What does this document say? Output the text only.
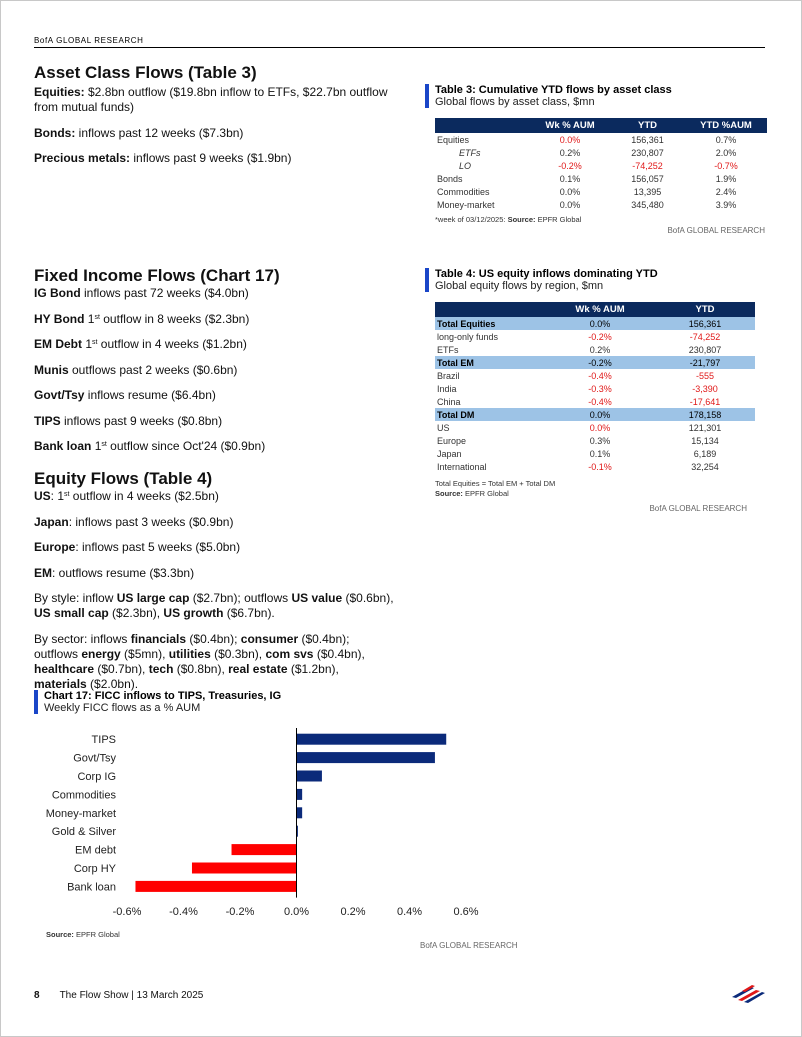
BofA GLOBAL RESEARCH
Asset Class Flows (Table 3)
Equities: $2.8bn outflow ($19.8bn inflow to ETFs, $22.7bn outflow from mutual funds)
Bonds: inflows past 12 weeks ($7.3bn)
Precious metals: inflows past 9 weeks ($1.9bn)
Table 3: Cumulative YTD flows by asset class
Global flows by asset class, $mn
	Wk % AUM	YTD	YTD %AUM
Equities	0.0%	156,361	0.7%
ETFs	0.2%	230,807	2.0%
LO	-0.2%	-74,252	-0.7%
Bonds	0.1%	156,057	1.9%
Commodities	0.0%	13,395	2.4%
Money-market	0.0%	345,480	3.9%
*week of 03/12/2025: Source: EPFR Global
BofA GLOBAL RESEARCH
Fixed Income Flows (Chart 17)
IG Bond inflows past 72 weeks ($4.0bn)
HY Bond 1st outflow in 8 weeks ($2.3bn)
EM Debt 1st outflow in 4 weeks ($1.2bn)
Munis outflows past 2 weeks ($0.6bn)
Govt/Tsy inflows resume ($6.4bn)
TIPS inflows past 9 weeks ($0.8bn)
Bank loan 1st outflow since Oct'24 ($0.9bn)
Equity Flows (Table 4)
US: 1st outflow in 4 weeks ($2.5bn)
Japan: inflows past 3 weeks ($0.9bn)
Europe: inflows past 5 weeks ($5.0bn)
EM: outflows resume ($3.3bn)
By style: inflow US large cap ($2.7bn); outflows US value ($0.6bn), US small cap ($2.3bn), US growth ($6.7bn).
By sector: inflows financials ($0.4bn); consumer ($0.4bn); outflows energy ($5mn), utilities ($0.3bn), com svs ($0.4bn), healthcare ($0.7bn), tech ($0.8bn), real estate ($1.2bn), materials ($2.0bn).
Table 4: US equity inflows dominating YTD
Global equity flows by region, $mn
	Wk % AUM	YTD
Total Equities	0.0%	156,361
long-only funds	-0.2%	-74,252
ETFs	0.2%	230,807
Total EM	-0.2%	-21,797
Brazil	-0.4%	-555
India	-0.3%	-3,390
China	-0.4%	-17,641
Total DM	0.0%	178,158
US	0.0%	121,301
Europe	0.3%	15,134
Japan	0.1%	6,189
International	-0.1%	32,254
Total Equities = Total EM + Total DM
Source: EPFR Global
BofA GLOBAL RESEARCH
Chart 17: FICC inflows to TIPS, Treasuries, IG
Weekly FICC flows as a % AUM
TIPS
Govt/Tsy
Corp IG
Commodities
Money-market
Gold & Silver
EM debt
Corp HY
Bank loan
-0.6%	-0.4%	-0.2%	0.0%	0.2%	0.4%	0.6%
Source: EPFR Global
BofA GLOBAL RESEARCH
8 The Flow Show | 13 March 2025
